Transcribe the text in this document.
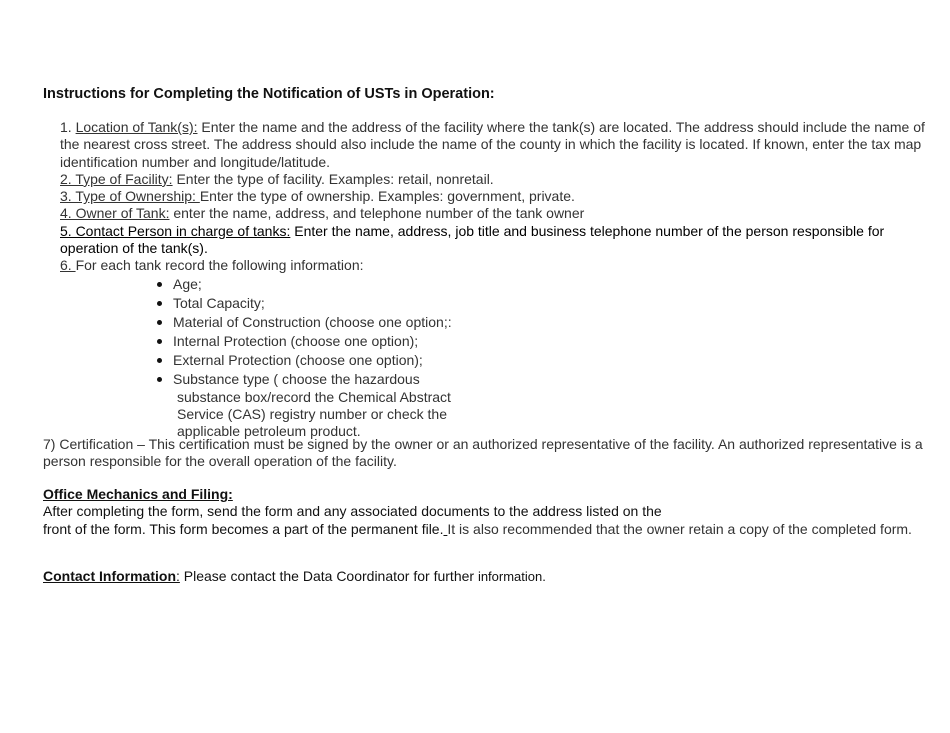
Instructions for Completing the Notification of USTs in Operation:

1. Location of Tank(s): Enter the name and the address of the facility where the tank(s) are located. The address should include the name of the nearest cross street. The address should also include the name of the county in which the facility is located. If known, enter the tax map identification number and longitude/latitude.

2. Type of Facility: Enter the type of facility. Examples: retail, nonretail.

3. Type of Ownership: Enter the type of ownership. Examples: government, private.

4. Owner of Tank: enter the name, address, and telephone number of the tank owner

5. Contact Person in charge of tanks: Enter the name, address, job title and business telephone number of the person responsible for operation of the tank(s).

6. For each tank record the following information:

Age;
Total Capacity;
Material of Construction (choose one option;:
Internal Protection (choose one option);
External Protection (choose one option);
Substance type ( choose the hazardous
substance box/record the Chemical Abstract
Service (CAS) registry number or check the
applicable petroleum product.

7) Certification – This certification must be signed by the owner or an authorized representative of the facility. An authorized representative is a person responsible for the overall operation of the facility.

Office Mechanics and Filing:
After completing the form, send the form and any associated documents to the address listed on the
front of the form. This form becomes a part of the permanent file. It is also recommended that the owner retain a copy of the completed form.
Contact Information: Please contact the Data Coordinator for further information.
